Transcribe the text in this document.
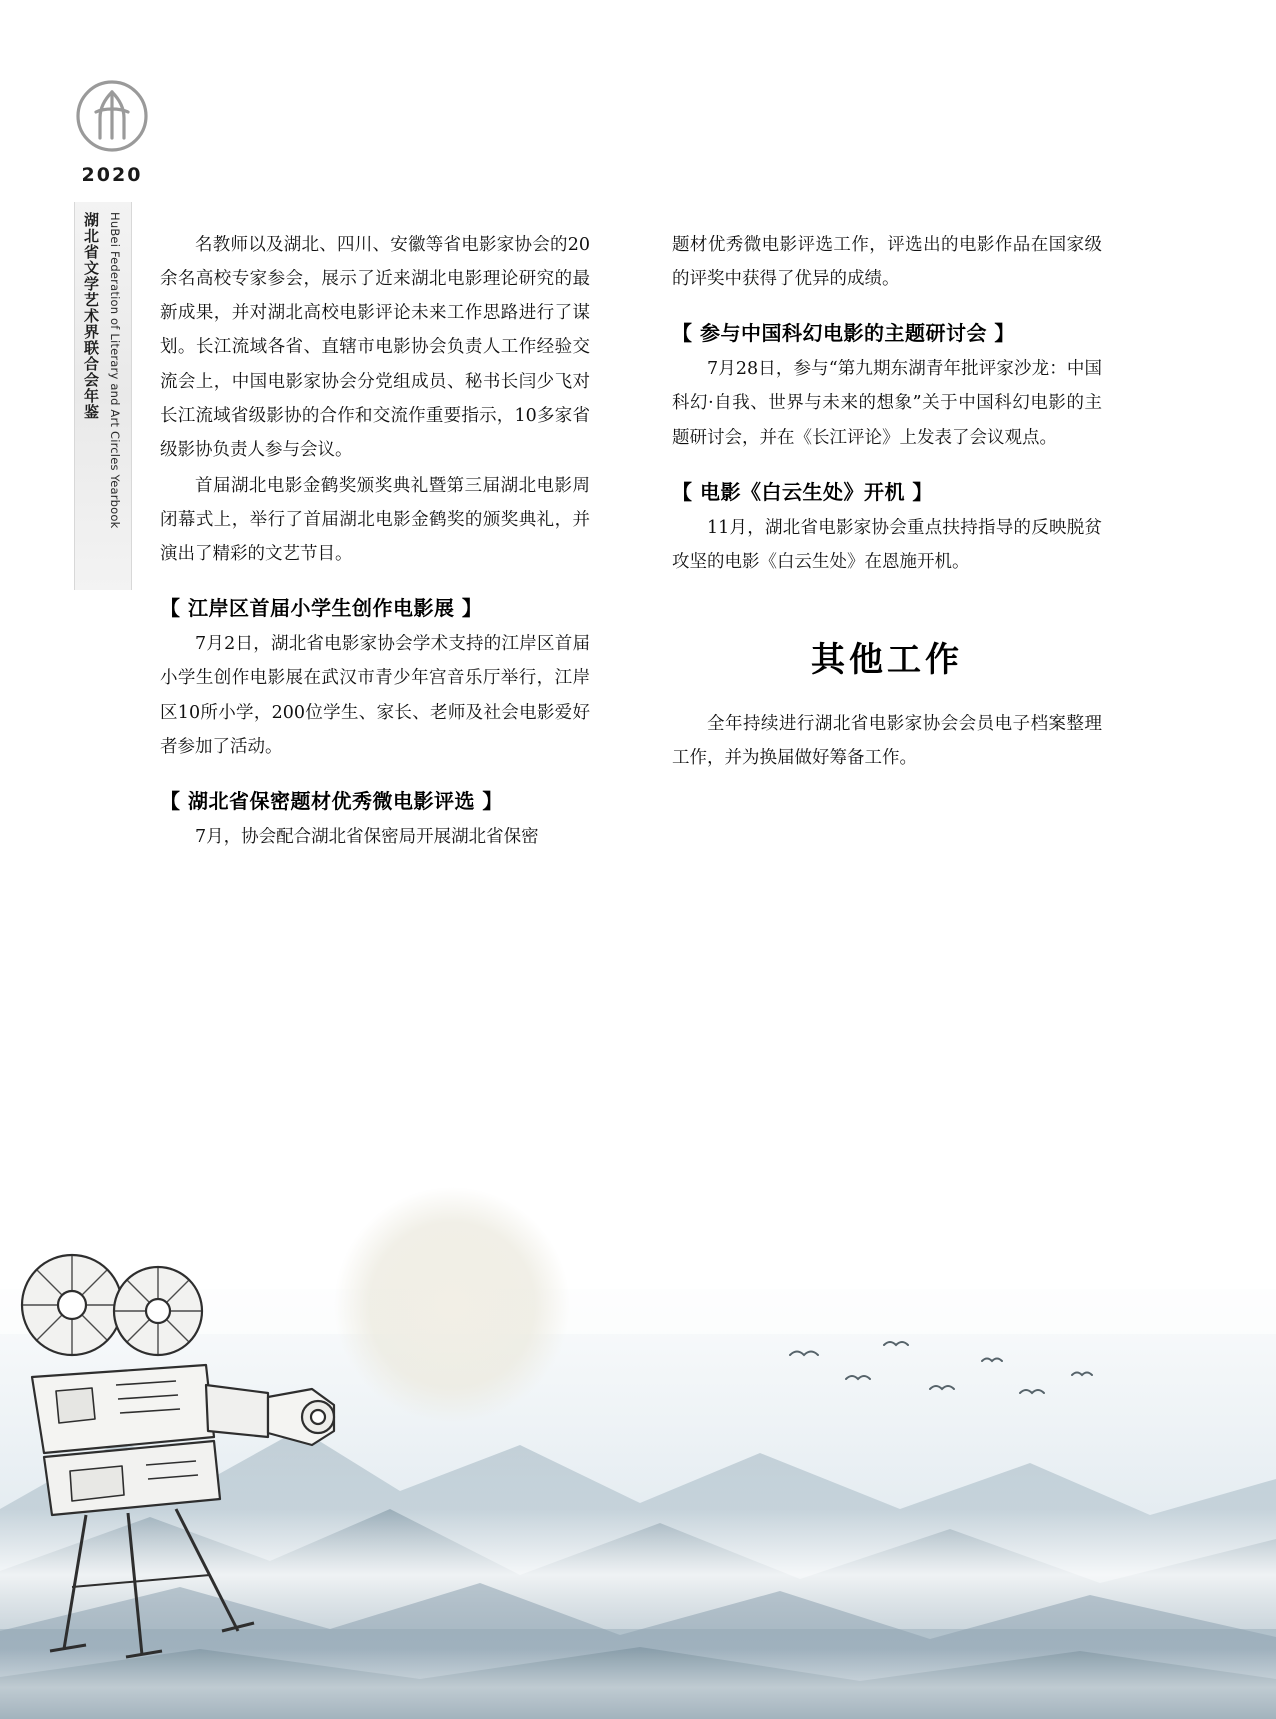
2020
湖北省文学艺术界联合会年鉴 HuBei Federation of Literary and Art Circles Yearbook	名教师以及湖北、四川、安徽等省电影家协会的20余名高校专家参会，展示了近来湖北电影理论研究的最新成果，并对湖北高校电影评论未来工作思路进行了谋划。长江流域各省、直辖市电影协会负责人工作经验交流会上，中国电影家协会分党组成员、秘书长闫少飞对长江流域省级影协的合作和交流作重要指示，10多家省级影协负责人参与会议。

首届湖北电影金鹤奖颁奖典礼暨第三届湖北电影周闭幕式上，举行了首届湖北电影金鹤奖的颁奖典礼，并演出了精彩的文艺节目。

【 江岸区首届小学生创作电影展 】

7月2日，湖北省电影家协会学术支持的江岸区首届小学生创作电影展在武汉市青少年宫音乐厅举行，江岸区10所小学，200位学生、家长、老师及社会电影爱好者参加了活动。

【 湖北省保密题材优秀微电影评选 】

7月，协会配合湖北省保密局开展湖北省保密

题材优秀微电影评选工作，评选出的电影作品在国家级的评奖中获得了优异的成绩。

【 参与中国科幻电影的主题研讨会 】

7月28日，参与“第九期东湖青年批评家沙龙：中国科幻·自我、世界与未来的想象”关于中国科幻电影的主题研讨会，并在《长江评论》上发表了会议观点。

【 电影《白云生处》开机 】

11月，湖北省电影家协会重点扶持指导的反映脱贫攻坚的电影《白云生处》在恩施开机。

其他工作

全年持续进行湖北省电影家协会会员电子档案整理工作，并为换届做好筹备工作。
